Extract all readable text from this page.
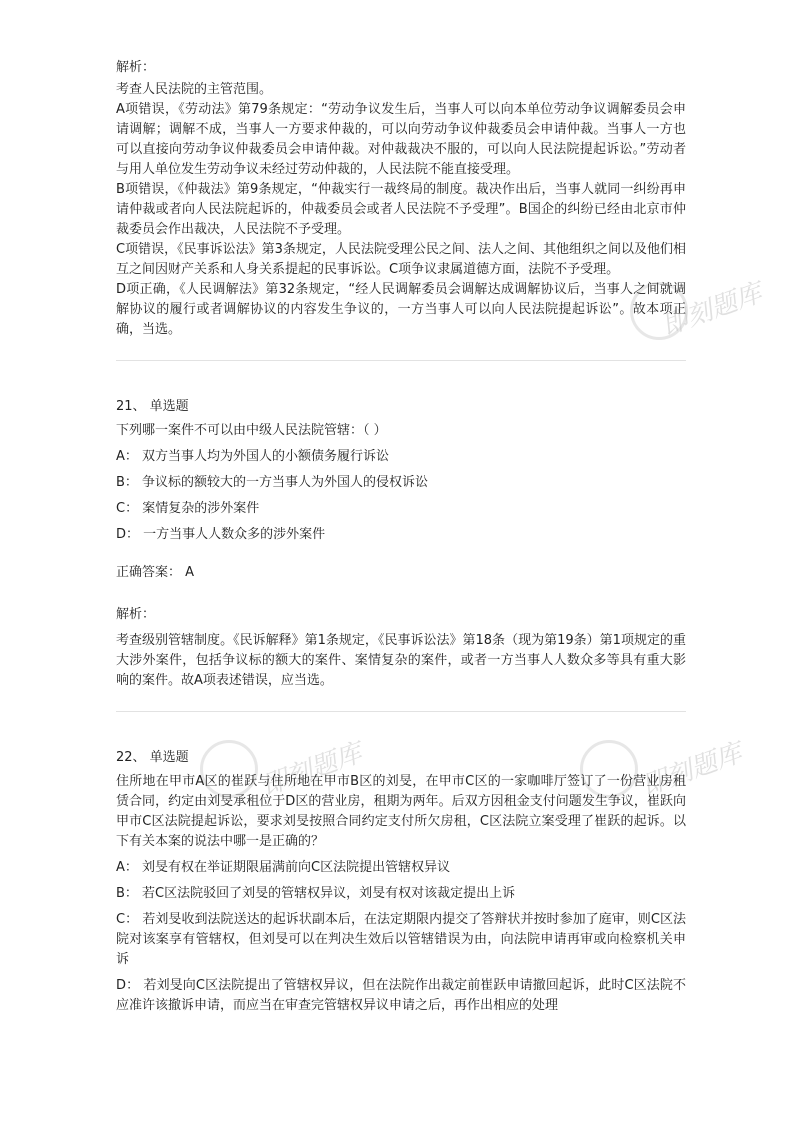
即刻题库
即刻题库	即刻题库

解析：

考查人民法院的主管范围。

A项错误，《劳动法》第79条规定：“劳动争议发生后，当事人可以向本单位劳动争议调解委员会申请调解；调解不成，当事人一方要求仲裁的，可以向劳动争议仲裁委员会申请仲裁。当事人一方也可以直接向劳动争议仲裁委员会申请仲裁。对仲裁裁决不服的，可以向人民法院提起诉讼。”劳动者与用人单位发生劳动争议未经过劳动仲裁的，人民法院不能直接受理。

B项错误，《仲裁法》第9条规定，“仲裁实行一裁终局的制度。裁决作出后，当事人就同一纠纷再申请仲裁或者向人民法院起诉的，仲裁委员会或者人民法院不予受理”。B国企的纠纷已经由北京市仲裁委员会作出裁决，人民法院不予受理。

C项错误，《民事诉讼法》第3条规定，人民法院受理公民之间、法人之间、其他组织之间以及他们相互之间因财产关系和人身关系提起的民事诉讼。C项争议隶属道德方面，法院不予受理。

D项正确，《人民调解法》第32条规定，“经人民调解委员会调解达成调解协议后，当事人之间就调解协议的履行或者调解协议的内容发生争议的，一方当事人可以向人民法院提起诉讼”。故本项正确，当选。

21、 单选题

下列哪一案件不可以由中级人民法院管辖：（ ）

A： 双方当事人均为外国人的小额债务履行诉讼

B： 争议标的额较大的一方当事人为外国人的侵权诉讼

C： 案情复杂的涉外案件

D： 一方当事人人数众多的涉外案件

正确答案： A

解析：

考查级别管辖制度。《民诉解释》第1条规定，《民事诉讼法》第18条（现为第19条）第1项规定的重大涉外案件，包括争议标的额大的案件、案情复杂的案件，或者一方当事人人数众多等具有重大影响的案件。故A项表述错误，应当选。

22、 单选题

住所地在甲市A区的崔跃与住所地在甲市B区的刘旻，在甲市C区的一家咖啡厅签订了一份营业房租赁合同，约定由刘旻承租位于D区的营业房，租期为两年。后双方因租金支付问题发生争议，崔跃向甲市C区法院提起诉讼，要求刘旻按照合同约定支付所欠房租，C区法院立案受理了崔跃的起诉。以下有关本案的说法中哪一是正确的？

A： 刘旻有权在举证期限届满前向C区法院提出管辖权异议

B： 若C区法院驳回了刘旻的管辖权异议，刘旻有权对该裁定提出上诉

C： 若刘旻收到法院送达的起诉状副本后，在法定期限内提交了答辩状并按时参加了庭审，则C区法院对该案享有管辖权，但刘旻可以在判决生效后以管辖错误为由，向法院申请再审或向检察机关申诉

D： 若刘旻向C区法院提出了管辖权异议，但在法院作出裁定前崔跃申请撤回起诉，此时C区法院不应准许该撤诉申请，而应当在审查完管辖权异议申请之后，再作出相应的处理
